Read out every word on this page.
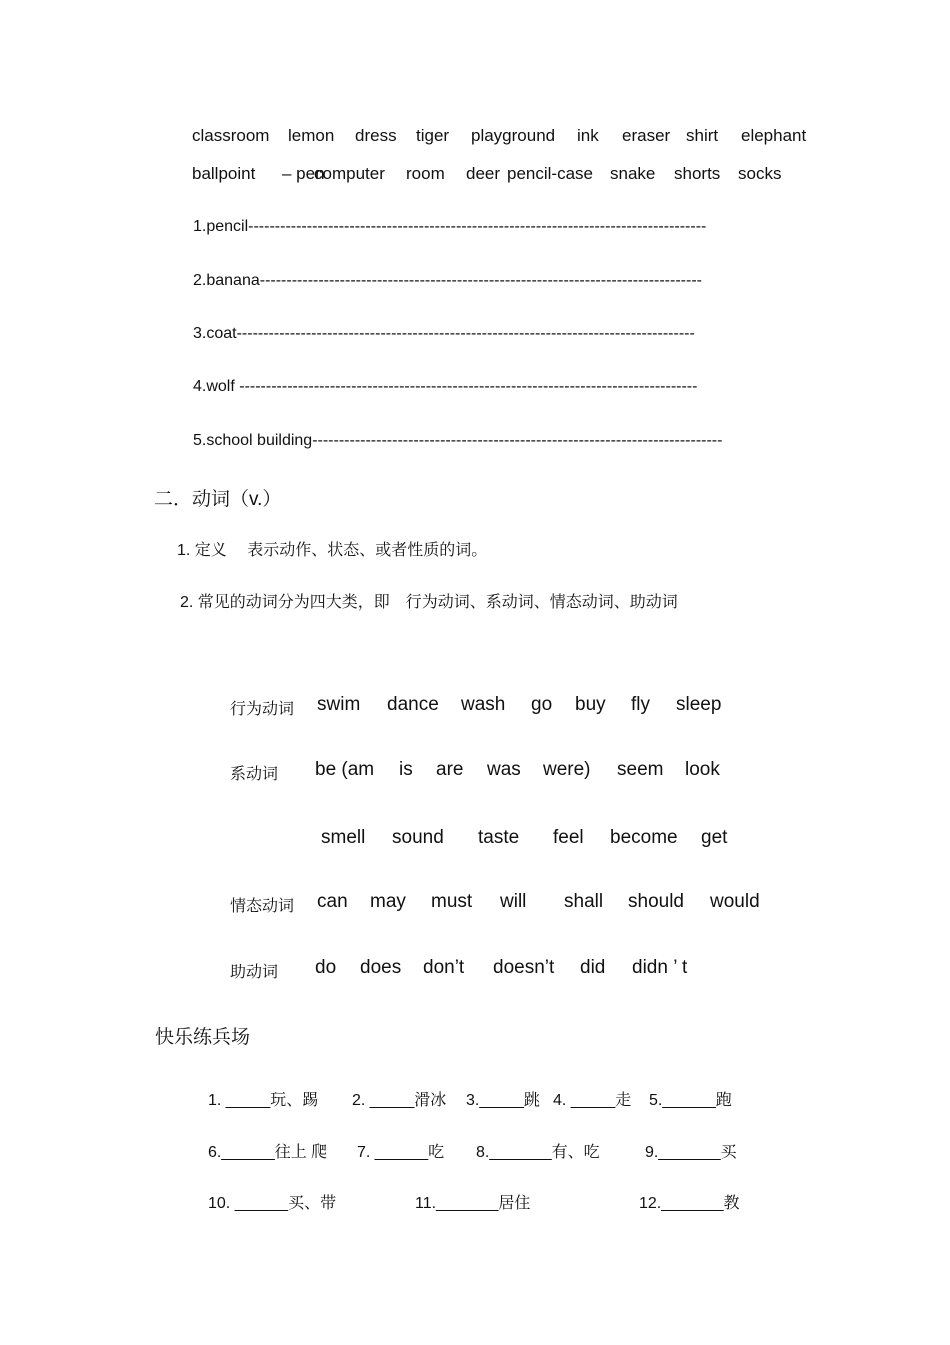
classroom lemon dress tiger playground ink eraser shirt elephant
ballpoint – pen
computer room deer pencil-case snake shorts socks
1.pencil--------------------------------------------------------------------------------------
2.banana-----------------------------------------------------------------------------------
3.coat--------------------------------------------------------------------------------------
4.wolf --------------------------------------------------------------------------------------
5.school building-----------------------------------------------------------------------------
二．动词（v.）
1. 定义　 表示动作、状态、或者性质的词。
2. 常见的动词分为四大类，即　行为动词、系动词、情态动词、助动词
行为动词 swim dance wash go buy fly sleep
系动词 be (am is are was were) seem look
smell sound taste feel become get
情态动词 can may must will shall should would
助动词 do does don’t doesn’t did didn ’ t
快乐练兵场
1. _____玩、踢 2. _____滑冰 3._____跳 4. _____走 5.______跑
6.______往上 爬 7. ______吃 8._______有、吃	9._______买
10. ______买、带	11._______居住	12._______教
